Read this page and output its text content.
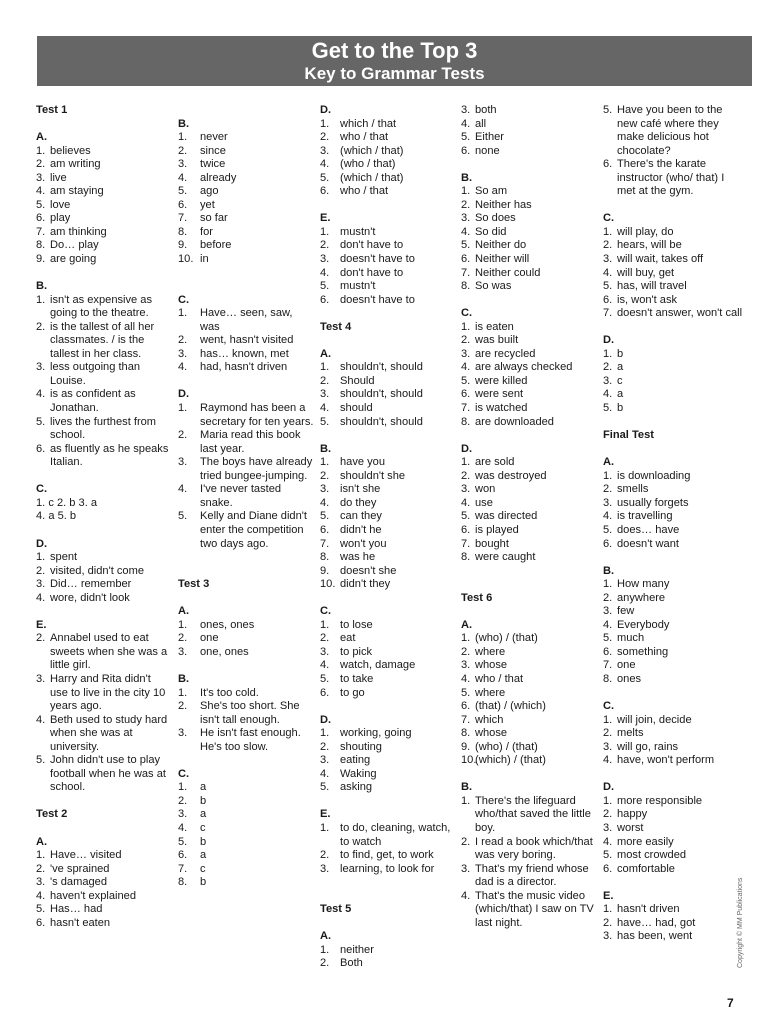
Get to the Top 3
Key to Grammar Tests
Test 1
A.
1. believes
2. am writing
3. live
4. am staying
5. love
6. play
7. am thinking
8. Do… play
9. are going
B.
1. isn't as expensive as going to the theatre.
2. is the tallest of all her classmates. / is the tallest in her class.
3. less outgoing than Louise.
4. is as confident as Jonathan.
5. lives the furthest from school.
6. as fluently as he speaks Italian.
C.
1. c 2. b 3. a
4. a 5. b
D.
1. spent
2. visited, didn't come
3. Did… remember
4. wore, didn't look
E.
2. Annabel used to eat sweets when she was a little girl.
3. Harry and Rita didn't use to live in the city 10 years ago.
4. Beth used to study hard when she was at university.
5. John didn't use to play football when he was at school.
Test 2
A.
1. Have… visited
2. 've sprained
3. 's damaged
4. haven't explained
5. Has… had
6. hasn't eaten
B.
1.	never
2.	since
3.	twice
4.	already
5.	ago
6.	yet
7.	so far
8.	for
9.	before
10. in
C.
1.	Have… seen, saw, was
2.	went, hasn't visited
3.	has… known, met
4.	had, hasn't driven
D.
1.	Raymond has been a secretary for ten years.
2.	Maria read this book last year.
3.	The boys have already tried bungee-jumping.
4.	I've never tasted snake.
5.	Kelly and Diane didn't enter the competition two days ago.
Test 3
A.
1.	ones, ones
2.	one
3.	one, ones
B.
1.	It's too cold.
2.	She's too short. She isn't tall enough.
3.	He isn't fast enough. He's too slow.
C.
1.	a
2.	b
3.	a
4.	c
5.	b
6.	a
7.	c
8.	b
D.
1. which / that
2. who / that
3. (which / that)
4. (who / that)
5. (which / that)
6. who / that
E.
1. mustn't
2. don't have to
3. doesn't have to
4. don't have to
5. mustn't
6. doesn't have to
Test 4
A.
1. shouldn't, should
2. Should
3. shouldn't, should
4. should
5. shouldn't, should
B.
1. have you
2. shouldn't she
3. isn't she
4. do they
5. can they
6. didn't he
7. won't you
8. was he
9. doesn't she
10. didn't they
C.
1. to lose
2. eat
3. to pick
4. watch, damage
5. to take
6. to go
D.
1. working, going
2. shouting
3. eating
4. Waking
5. asking
E.
1. to do, cleaning, watch, to watch
2. to find, get, to work
3. learning, to look for
Test 5
A.
1. neither
2. Both
3. both
4. all
5. Either
6. none
B.
1. So am
2. Neither has
3. So does
4. So did
5. Neither do
6. Neither will
7. Neither could
8. So was
C.
1. is eaten
2. was built
3. are recycled
4. are always checked
5. were killed
6. were sent
7. is watched
8. are downloaded
D.
1. are sold
2. was destroyed
3. won
4. use
5. was directed
6. is played
7. bought
8. were caught
Test 6
A.
1. (who) / (that)
2. where
3. whose
4. who / that
5. where
6. (that) / (which)
7. which
8. whose
9. (who) / (that)
10.
(which) / (that)
B.
1. There's the lifeguard who/that saved the little boy.
2. I read a book which/that was very boring.
3. That's my friend whose dad is a director.
4. That's the music video (which/that) I saw on TV last night.
5. Have you been to the new café where they make delicious hot chocolate?
6. There's the karate instructor (who/ that) I met at the gym.
C.
1. will play, do
2. hears, will be
3. will wait, takes off
4. will buy, get
5. has, will travel
6. is, won't ask
7. doesn't answer, won't call
D.
1. b
2. a
3. c
4. a
5. b
Final Test
A.
1. is downloading
2. smells
3. usually forgets
4. is travelling
5. does… have
6. doesn't want
B.
1. How many
2. anywhere
3. few
4. Everybody
5. much
6. something
7. one
8. ones
C.
1. will join, decide
2. melts
3. will go, rains
4. have, won't perform
D.
1. more responsible
2. happy
3. worst
4. more easily
5. most crowded
6. comfortable
E.
1. hasn't driven
2. have… had, got
3. has been, went	Copyright © MM Publications
7
